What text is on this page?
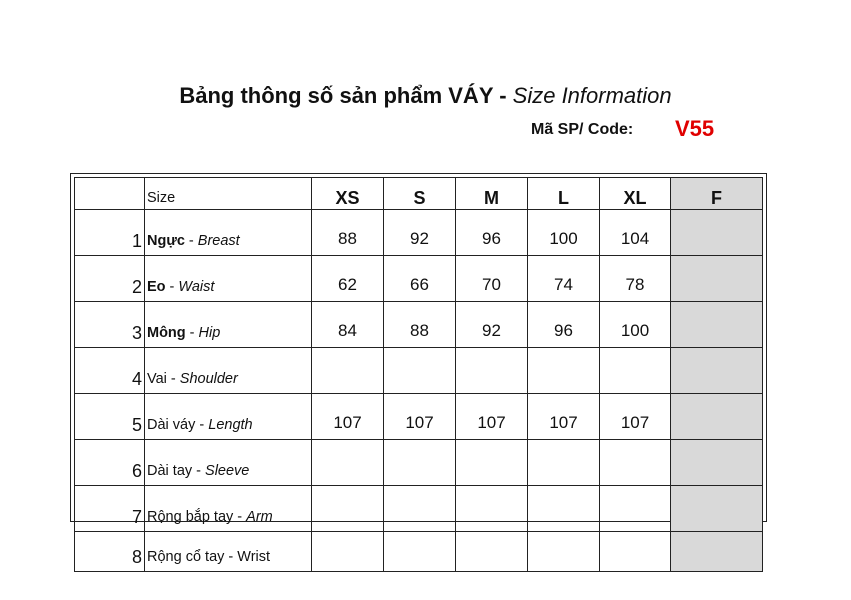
Bảng thông số sản phẩm VÁY - Size Information
Mã SP/ Code: V55
	Size	XS	S	M	L	XL	F
1	Ngực - Breast	88	92	96	100	104	
2	Eo - Waist	62	66	70	74	78	
3	Mông - Hip	84	88	92	96	100	
4	Vai - Shoulder						
5	Dài váy - Length	107	107	107	107	107	
6	Dài tay - Sleeve						
7	Rộng bắp tay - Arm						
8	Rộng cổ tay - Wrist						
